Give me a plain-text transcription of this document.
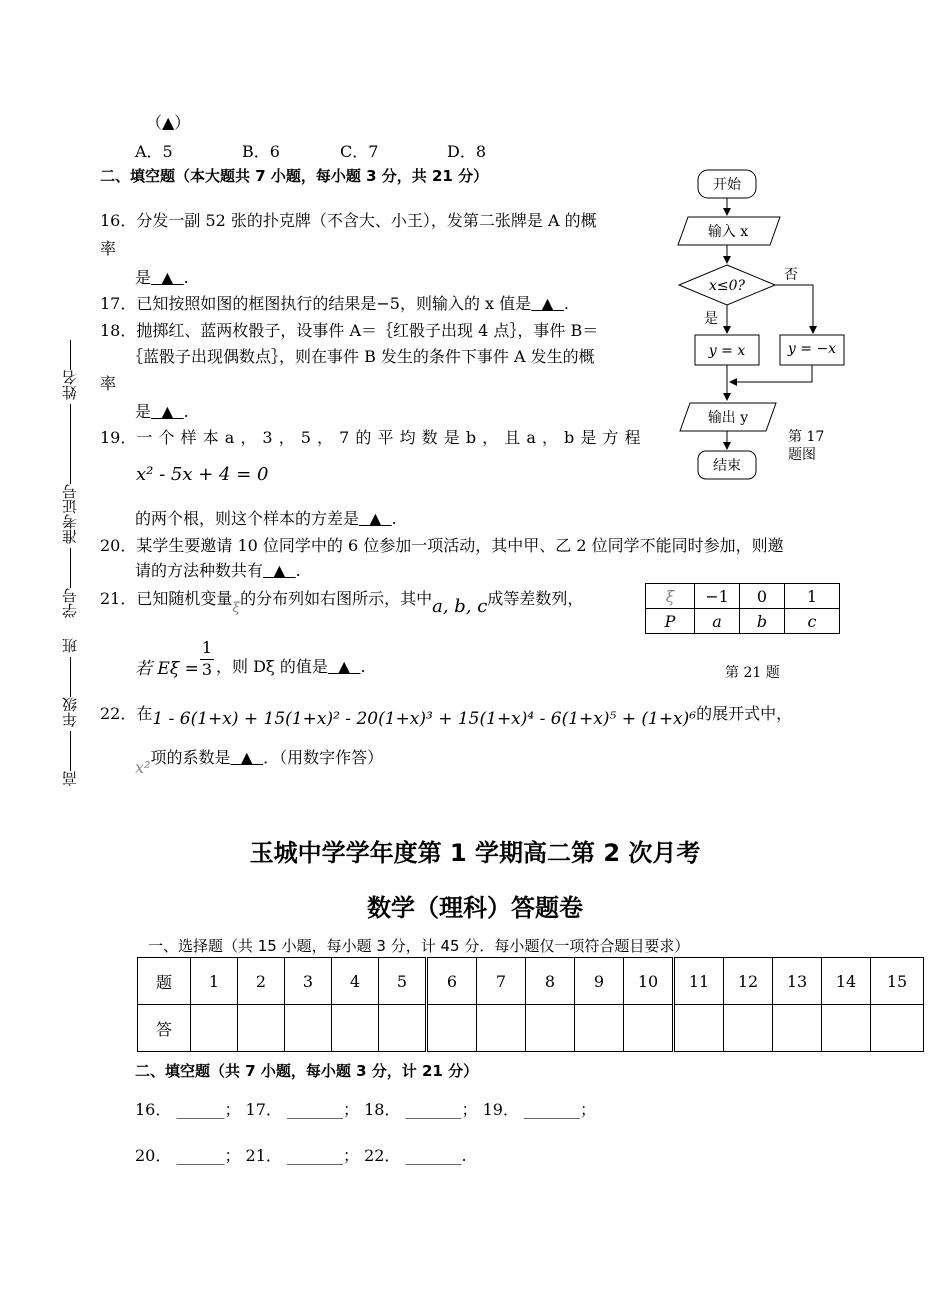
（▲）
A．5	B．6	C．7	D．8
二、填空题（本大题共 7 小题，每小题 3 分，共 21 分）
16．分发一副 52 张的扑克牌（不含大、小王），发第二张牌是 A 的概
率
是 ▲ .
17．已知按照如图的框图执行的结果是−5，则输入的 x 值是 ▲ .
18．抛掷红、蓝两枚骰子，设事件 A＝｛红骰子出现 4 点｝，事件 B＝
｛蓝骰子出现偶数点｝，则在事件 B 发生的条件下事件 A 发生的概
率
是 ▲ .
19．一 个 样 本 a ， 3 ， 5 ， 7 的 平 均 数 是 b ， 且 a ， b 是 方 程
x² - 5x + 4 = 0
的两个根，则这个样本的方差是 ▲ .
20．某学生要邀请 10 位同学中的 6 位参加一项活动，其中甲、乙 2 位同学不能同时参加，则邀
请的方法种数共有 ▲ .
21．已知随机变量ξ的分布列如右图所示，其中a, b, c成等差数列，
若 $E\xi = \frac{1}{3}$ ，则 Dξ 的值是 ▲ .
22．在1 - 6(1+x) + 15(1+x)² - 20(1+x)³ + 15(1+x)⁴ - 6(1+x)⁵ + (1+x)⁶的展开式中，
x²项的系数是 ▲ ．（用数字作答）
开始
输入 x
x≤0?
否
是
y = x	y = −x
输出 y
结束
第 17
题图
ξ	−1	0	1
P	a	b	c
第 21 题
姓名
准考证号
学号
班
年级
高
玉城中学学年度第 1 学期高二第 2 次月考
数学（理科）答题卷
一、选择题（共 15 小题，每小题 3 分，计 45 分．每小题仅一项符合题目要求）
题	1	2	3	4	5	6	7	8	9	10	11	12	13	14	15
答															
二、填空题（共 7 小题，每小题 3 分，计 21 分）
16． ______； 17． _______； 18． _______； 19． _______；
20． ______； 21． _______； 22． _______.
